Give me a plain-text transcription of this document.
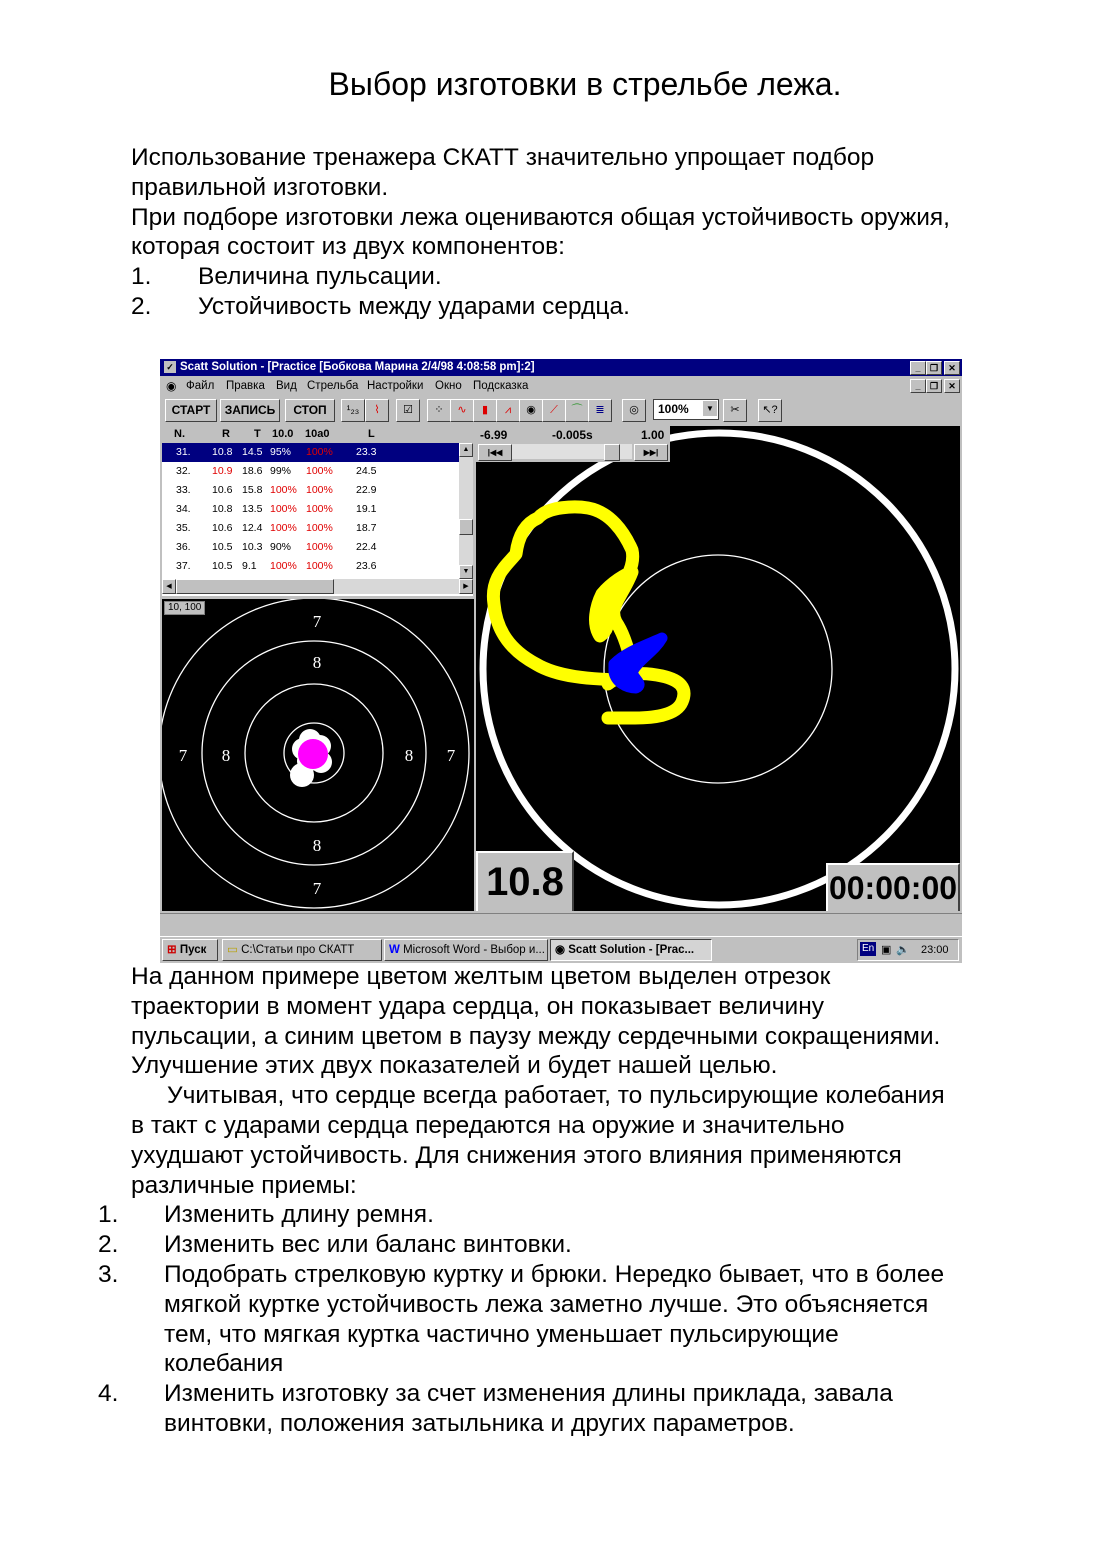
Выбор изготовки в стрельбе лежа.

Использование тренажера СКАТТ значительно упрощает подбор правильной изготовки.

При подборе изготовки лежа оцениваются общая устойчивость оружия, которая состоит из двух компонентов:

1. Величина пульсации.

2. Устойчивость между ударами сердца.

✓ Scatt Solution - [Practice [Бобкова Марина 2/4/98 4:08:58 pm]:2]	_	❐	✕
◉ Файл Правка Вид Стрельба Настройки Окно Подсказка	_	❐	✕
СТАРТ	ЗАПИСЬ	СТОП	¹₂₃	⌇	☑	⁘	∿	▮	⩘	◉	⟋	⌒	≣	◎	100%	▼	✂	↖?
N.	R T 10.0 10a0	L
31. 10.8 14.5 95% 100% 23.3
32. 10.9 18.6 99% 100% 24.5
33. 10.6 15.8 100% 100% 22.9
34. 10.8 13.5 100% 100% 19.1
35. 10.6 12.4 100% 100% 18.7
36. 10.5 10.3 90% 100% 22.4
37. 10.5 9.1 100% 100% 23.6
▲
▼
◀	▶
7
8
7 8	8 7
8
7
10, 100
-6.99	-0.005s	1.00
|◀◀	▶▶|
10.8	00:00:00
⊞ Пуск	▭ C:\Статьи про СКАТТ	W Microsoft Word - Выбор и... ◉ Scatt Solution - [Prac...	En ▣ 🔈 23:00

На данном примере цветом желтым цветом выделен отрезок траектории в момент удара сердца, он показывает величину пульсации, а синим цветом в паузу между сердечными сокращениями. Улучшение этих двух показателей и будет нашей целью.

Учитывая, что сердце всегда работает, то пульсирующие колебания в такт с ударами сердца передаются на оружие и значительно ухудшают устойчивость. Для снижения этого влияния применяются различные приемы:

1. Изменить длину ремня.

2. Изменить вес или баланс винтовки.

3. Подобрать стрелковую куртку и брюки. Нередко бывает, что в более мягкой куртке устойчивость лежа заметно лучше. Это объясняется тем, что мягкая куртка частично уменьшает пульсирующие колебания

4. Изменить изготовку за счет изменения длины приклада, завала винтовки, положения затыльника и других параметров.
